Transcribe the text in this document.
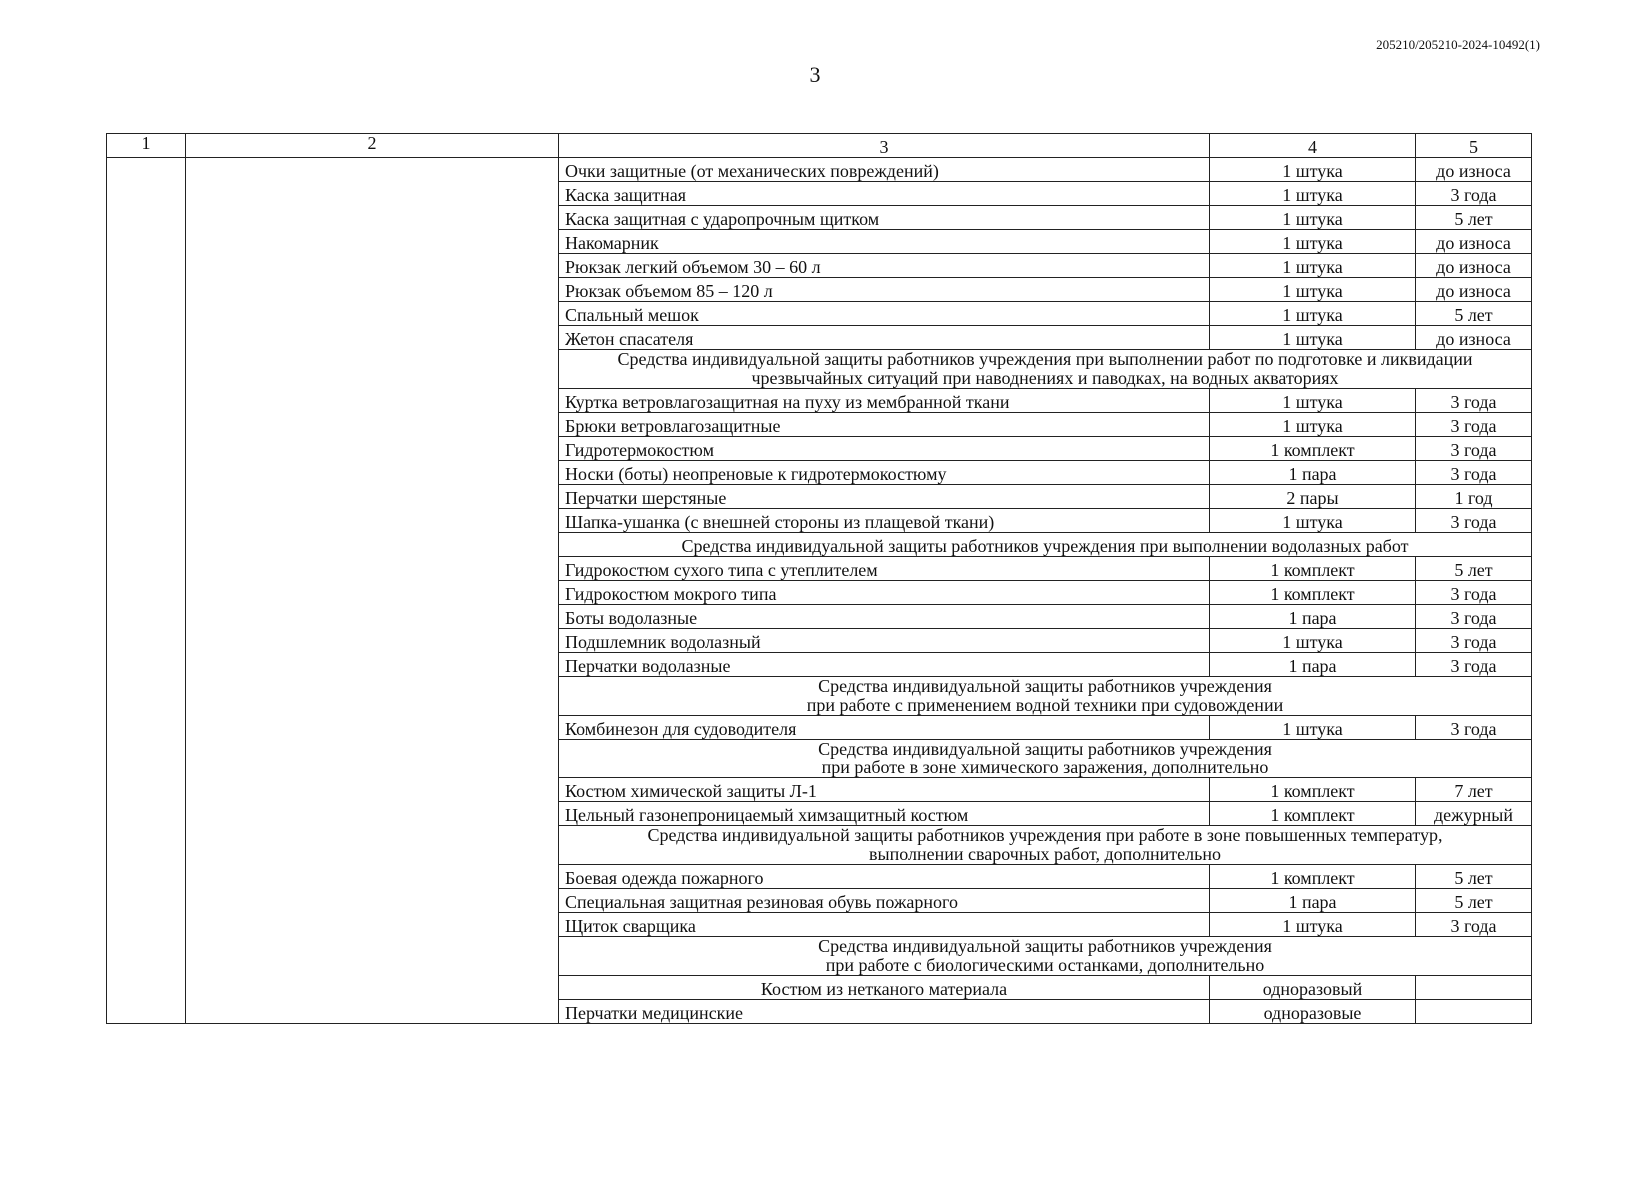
205210/205210-2024-10492(1)
3
1	2	3	4	5
		Очки защитные (от механических повреждений)	1 штука	до износа
		Каска защитная	1 штука	3 года
		Каска защитная с ударопрочным щитком	1 штука	5 лет
		Накомарник	1 штука	до износа
		Рюкзак легкий объемом 30 – 60 л	1 штука	до износа
		Рюкзак объемом 85 – 120 л	1 штука	до износа
		Спальный мешок	1 штука	5 лет
		Жетон спасателя	1 штука	до износа

		Средства индивидуальной защиты работников учреждения при выполнении работ по подготовке и ликвидации
чрезвычайных ситуаций при наводнениях и паводках, на водных акваториях		

		Куртка ветровлагозащитная на пуху из мембранной ткани	1 штука	3 года
		Брюки ветровлагозащитные	1 штука	3 года
		Гидротермокостюм	1 комплект	3 года
		Носки (боты) неопреновые к гидротермокостюму	1 пара	3 года
		Перчатки шерстяные	2 пары	1 год
		Шапка-ушанка (с внешней стороны из плащевой ткани)	1 штука	3 года

		Средства индивидуальной защиты работников учреждения при выполнении водолазных работ		

		Гидрокостюм сухого типа с утеплителем	1 комплект	5 лет
		Гидрокостюм мокрого типа	1 комплект	3 года
		Боты водолазные	1 пара	3 года
		Подшлемник водолазный	1 штука	3 года
		Перчатки водолазные	1 пара	3 года

		Средства индивидуальной защиты работников учреждения
при работе с применением водной техники при судовождении		

		Комбинезон для судоводителя	1 штука	3 года

		Средства индивидуальной защиты работников учреждения
при работе в зоне химического заражения, дополнительно		

		Костюм химической защиты Л-1	1 комплект	7 лет
		Цельный газонепроницаемый химзащитный костюм	1 комплект	дежурный

		Средства индивидуальной защиты работников учреждения при работе в зоне повышенных температур,
выполнении сварочных работ, дополнительно		

		Боевая одежда пожарного	1 комплект	5 лет
		Специальная защитная резиновая обувь пожарного	1 пара	5 лет
		Щиток сварщика	1 штука	3 года

		Средства индивидуальной защиты работников учреждения
при работе с биологическими останками, дополнительно		

		Костюм из нетканого материала	одноразовый	
		Перчатки медицинские	одноразовые	
